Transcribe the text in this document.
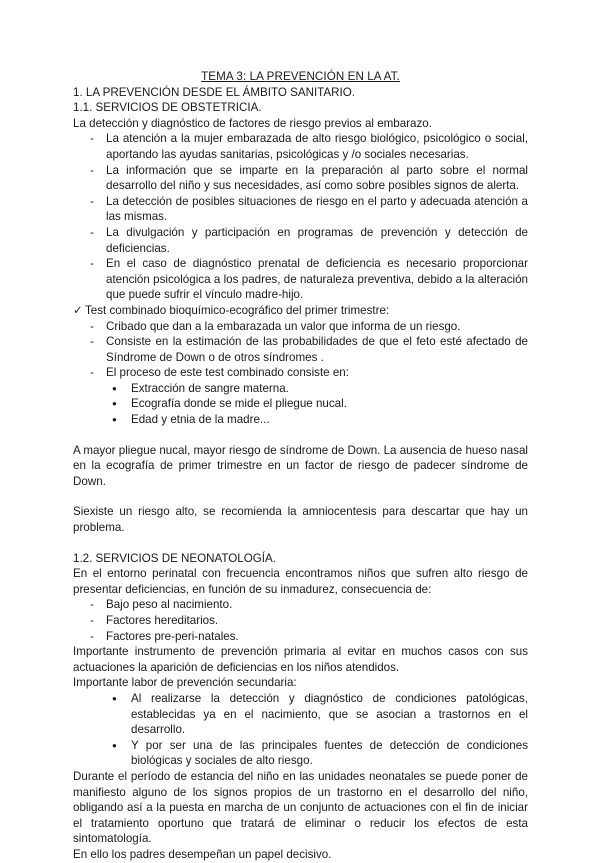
TEMA 3: LA PREVENCIÓN EN LA AT.

1. LA PREVENCIÓN DESDE EL ÁMBITO SANITARIO.

1.1. SERVICIOS DE OBSTETRICIA.

La detección y diagnóstico de factores de riesgo previos al embarazo.

- La atención a la mujer embarazada de alto riesgo biológico, psicológico o social, aportando las ayudas sanitarias, psicológicas y /o sociales necesarias.
- La información que se imparte en la preparación al parto sobre el normal desarrollo del niño y sus necesidades, así como sobre posibles signos de alerta.
- La detección de posibles situaciones de riesgo en el parto y adecuada atención a las mismas.
- La divulgación y participación en programas de prevención y detección de deficiencias.
- En el caso de diagnóstico prenatal de deficiencia es necesario proporcionar atención psicológica a los padres, de naturaleza preventiva, debido a la alteración que puede sufrir el vínculo madre-hijo.

✓ Test combinado bioquímico-ecográfico del primer trimestre:

- Cribado que dan a la embarazada un valor que informa de un riesgo.
- Consiste en la estimación de las probabilidades de que el feto esté afectado de Síndrome de Down o de otros síndromes .
- El proceso de este test combinado consiste en:
● Extracción de sangre materna.
● Ecografía donde se mide el pliegue nucal.
● Edad y etnia de la madre...

A mayor pliegue nucal, mayor riesgo de síndrome de Down. La ausencia de hueso nasal en la ecografía de primer trimestre en un factor de riesgo de padecer síndrome de Down.

Siexiste un riesgo alto, se recomienda la amniocentesis para descartar que hay un problema.

1.2. SERVICIOS DE NEONATOLOGÍA.

En el entorno perinatal con frecuencia encontramos niños que sufren alto riesgo de presentar deficiencias, en función de su inmadurez, consecuencia de:

- Bajo peso al nacimiento.
- Factores hereditarios.
- Factores pre-peri-natales.

Importante instrumento de prevención primaria al evitar en muchos casos con sus actuaciones la aparición de deficiencias en los niños atendidos.

Importante labor de prevención secundaria:

● Al realizarse la detección y diagnóstico de condiciones patológicas, establecidas ya en el nacimiento, que se asocian a trastornos en el desarrollo.
● Y por ser una de las principales fuentes de detección de condiciones biológicas y sociales de alto riesgo.

Durante el período de estancia del niño en las unidades neonatales se puede poner de manifiesto alguno de los signos propios de un trastorno en el desarrollo del niño, obligando así a la puesta en marcha de un conjunto de actuaciones con el fin de iniciar el tratamiento oportuno que tratará de eliminar o reducir los efectos de esta sintomatología.

En ello los padres desempeñan un papel decisivo.
